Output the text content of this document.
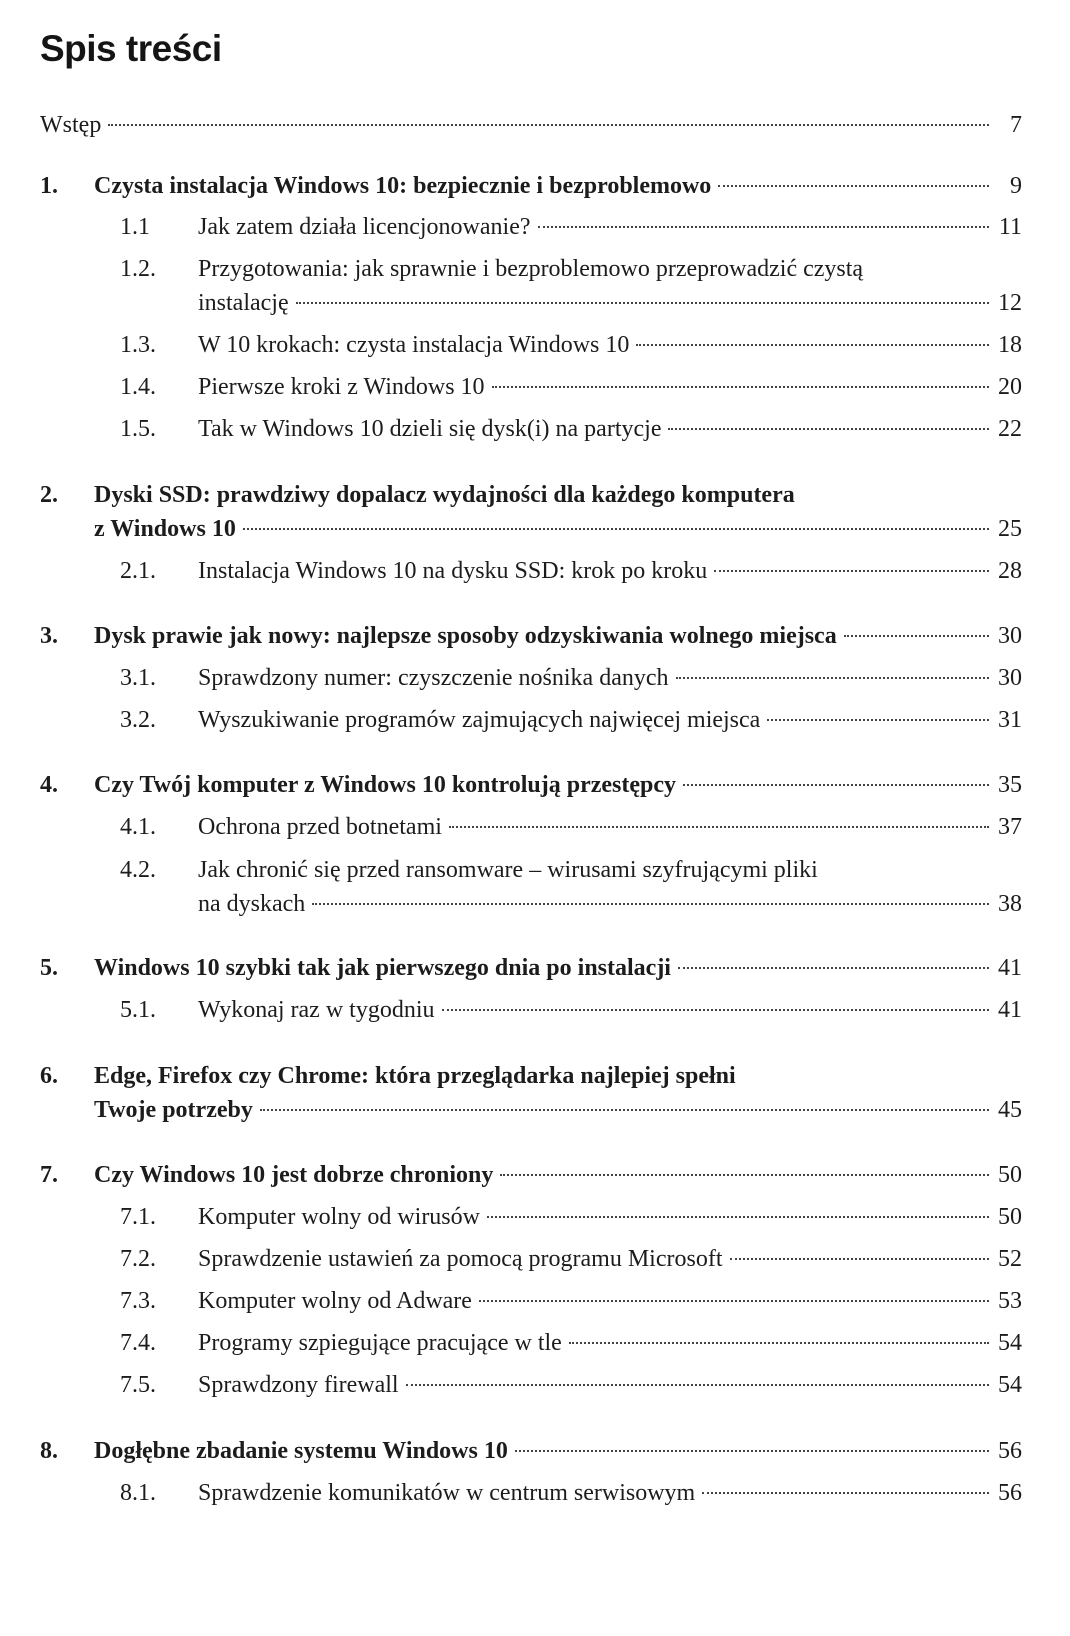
Spis treści
Wstęp	7
1. Czysta instalacja Windows 10: bezpiecznie i bezproblemowo	9
1.1 Jak zatem działa licencjonowanie?	11
1.2. Przygotowania: jak sprawnie i bezproblemowo przeprowadzić czystą
instalację	12
1.3. W 10 krokach: czysta instalacja Windows 10	18
1.4. Pierwsze kroki z Windows 10	20
1.5. Tak w Windows 10 dzieli się dysk(i) na partycje	22
2. Dyski SSD: prawdziwy dopalacz wydajności dla każdego komputera
z Windows 10	25
2.1. Instalacja Windows 10 na dysku SSD: krok po kroku	28
3. Dysk prawie jak nowy: najlepsze sposoby odzyskiwania wolnego miejsca	30
3.1. Sprawdzony numer: czyszczenie nośnika danych	30
3.2. Wyszukiwanie programów zajmujących najwięcej miejsca	31
4. Czy Twój komputer z Windows 10 kontrolują przestępcy	35
4.1. Ochrona przed botnetami	37
4.2. Jak chronić się przed ransomware – wirusami szyfrującymi pliki
na dyskach	38
5. Windows 10 szybki tak jak pierwszego dnia po instalacji	41
5.1. Wykonaj raz w tygodniu	41
6. Edge, Firefox czy Chrome: która przeglądarka najlepiej spełni
Twoje potrzeby	45
7. Czy Windows 10 jest dobrze chroniony	50
7.1. Komputer wolny od wirusów	50
7.2. Sprawdzenie ustawień za pomocą programu Microsoft	52
7.3. Komputer wolny od Adware	53
7.4. Programy szpiegujące pracujące w tle	54
7.5. Sprawdzony firewall	54
8. Dogłębne zbadanie systemu Windows 10	56
8.1. Sprawdzenie komunikatów w centrum serwisowym	56
